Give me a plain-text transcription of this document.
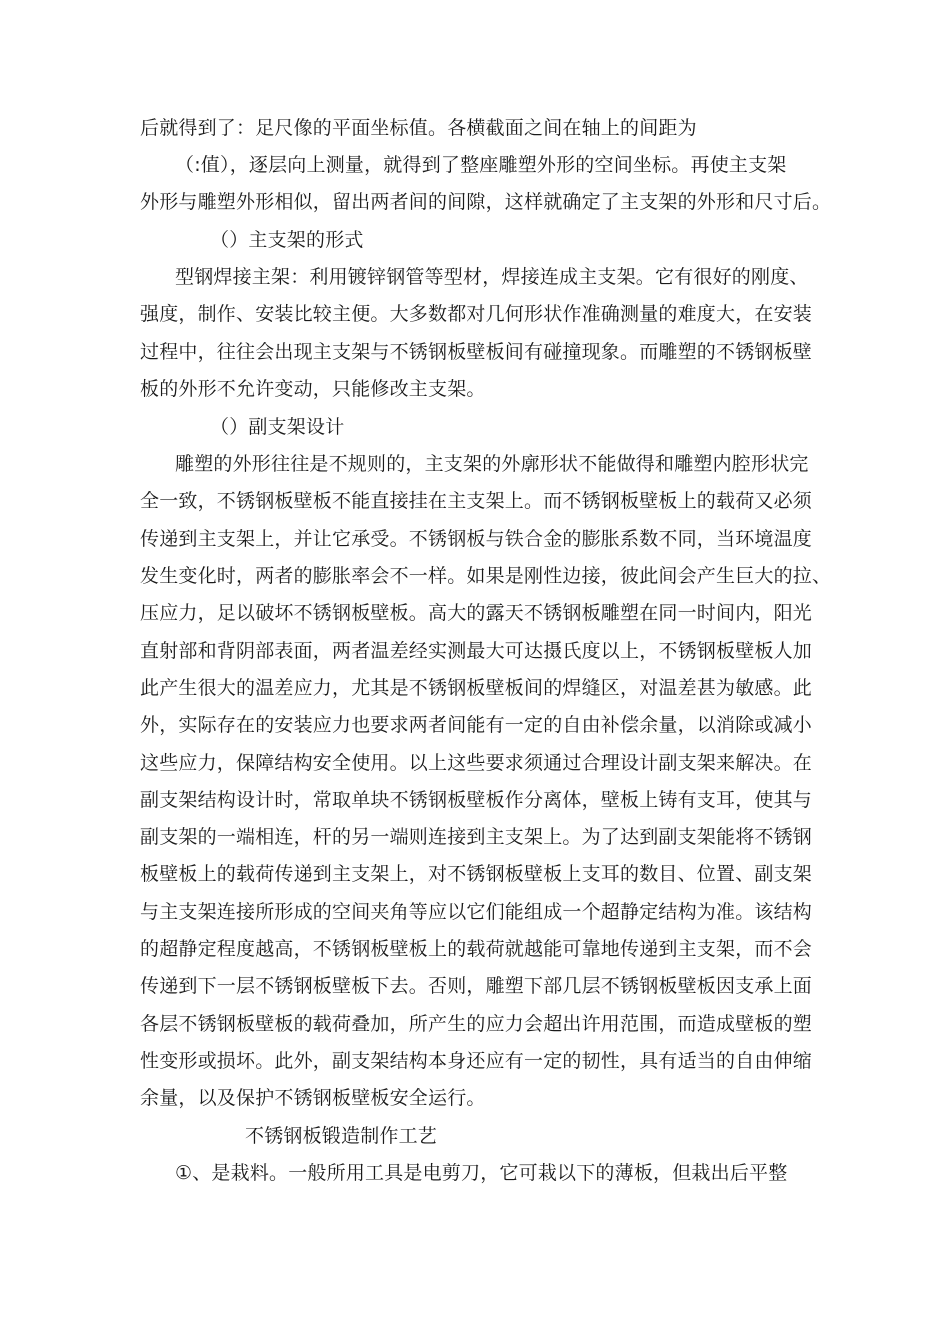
后就得到了：足尺像的平面坐标值。各横截面之间在轴上的间距为
（:值），逐层向上测量，就得到了整座雕塑外形的空间坐标。再使主支架
外形与雕塑外形相似，留出两者间的间隙，这样就确定了主支架的外形和尺寸后。
（）主支架的形式
型钢焊接主架：利用镀锌钢管等型材，焊接连成主支架。它有很好的刚度、
强度，制作、安装比较主便。大多数都对几何形状作准确测量的难度大，在安装
过程中，往往会出现主支架与不锈钢板壁板间有碰撞现象。而雕塑的不锈钢板壁
板的外形不允许变动，只能修改主支架。
（）副支架设计
雕塑的外形往往是不规则的，主支架的外廓形状不能做得和雕塑内腔形状完
全一致，不锈钢板壁板不能直接挂在主支架上。而不锈钢板壁板上的载荷又必须
传递到主支架上，并让它承受。不锈钢板与铁合金的膨胀系数不同，当环境温度
发生变化时，两者的膨胀率会不一样。如果是刚性边接，彼此间会产生巨大的拉、
压应力，足以破坏不锈钢板壁板。高大的露天不锈钢板雕塑在同一时间内，阳光
直射部和背阴部表面，两者温差经实测最大可达摄氏度以上，不锈钢板壁板人加
此产生很大的温差应力，尤其是不锈钢板壁板间的焊缝区，对温差甚为敏感。此
外，实际存在的安装应力也要求两者间能有一定的自由补偿余量，以消除或减小
这些应力，保障结构安全使用。以上这些要求须通过合理设计副支架来解决。在
副支架结构设计时，常取单块不锈钢板壁板作分离体，壁板上铸有支耳，使其与
副支架的一端相连，杆的另一端则连接到主支架上。为了达到副支架能将不锈钢
板壁板上的载荷传递到主支架上，对不锈钢板壁板上支耳的数目、位置、副支架
与主支架连接所形成的空间夹角等应以它们能组成一个超静定结构为准。该结构
的超静定程度越高，不锈钢板壁板上的载荷就越能可靠地传递到主支架，而不会
传递到下一层不锈钢板壁板下去。否则，雕塑下部几层不锈钢板壁板因支承上面
各层不锈钢板壁板的载荷叠加，所产生的应力会超出许用范围，而造成壁板的塑
性变形或损坏。此外，副支架结构本身还应有一定的韧性，具有适当的自由伸缩
余量，以及保护不锈钢板壁板安全运行。
不锈钢板锻造制作工艺
①、是栽料。一般所用工具是电剪刀，它可栽以下的薄板，但栽出后平整
